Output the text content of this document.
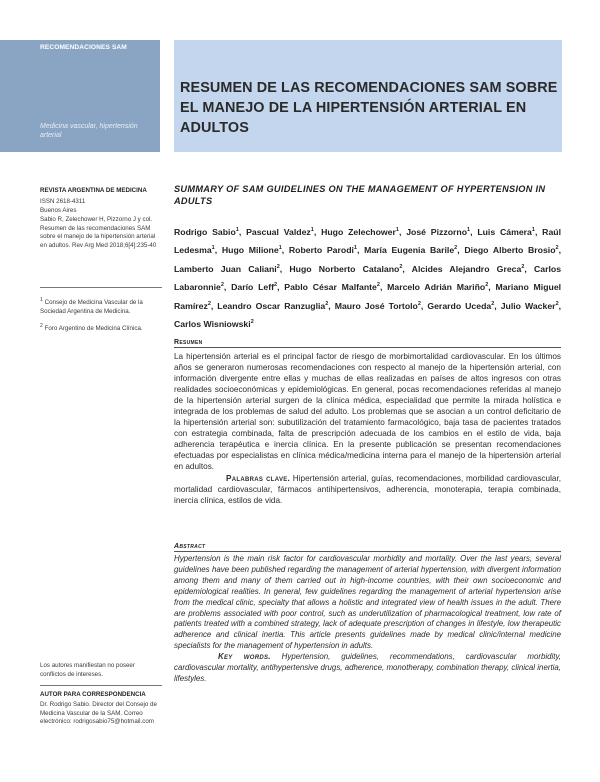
RECOMENDACIONES SAM
Medicina vascular, hipertensión arterial
RESUMEN DE LAS RECOMENDACIONES SAM SOBRE EL MANEJO DE LA HIPERTENSIÓN ARTERIAL EN ADULTOS
REVISTA ARGENTINA DE MEDICINA
ISSN 2618-4311
Buenos Aires
Sabio R, Zelechower H, Pizzorno J y col. Resumen de las recomendaciones SAM sobre el manejo de la hipertensión arterial en adultos. Rev Arg Med 2018;6[4]:235-40
$^1$ Consejo de Medicina Vascular de la Sociedad Argentina de Medicina.
$^2$ Foro Argentino de Medicina Clínica.
Los autores manifiestan no poseer conflictos de intereses.
AUTOR PARA CORRESPONDENCIA
Dr. Rodrigo Sabio. Director del Consejo de Medicina Vascular de la SAM. Correo electrónico: rodrigosabio75@hotmail.com
SUMMARY OF SAM GUIDELINES ON THE MANAGEMENT OF HYPERTENSION IN ADULTS
Rodrigo Sabio$^1$, Pascual Valdez$^1$, Hugo Zelechower$^1$, José Pizzorno$^1$, Luis Cámera$^1$, Raúl Ledesma$^1$, Hugo Milione$^1$, Roberto Parodi$^1$, María Eugenia Barile$^2$, Diego Alberto Brosio$^2$, Lamberto Juan Caliani$^2$, Hugo Norberto Catalano$^2$, Alcides Alejandro Greca$^2$, Carlos Labaronnie$^2$, Darío Leff$^2$, Pablo César Malfante$^2$, Marcelo Adrián Mariño$^2$, Mariano Miguel Ramírez$^2$, Leandro Oscar Ranzuglia$^2$, Mauro José Tortolo$^2$, Gerardo Uceda$^2$, Julio Wacker$^2$, Carlos Wisniowski$^2$
Resumen

La hipertensión arterial es el principal factor de riesgo de morbimortalidad cardiovascular. En los últimos años se generaron numerosas recomendaciones con respecto al manejo de la hipertensión arterial, con información divergente entre ellas y muchas de ellas realizadas en países de altos ingresos con otras realidades socioeconómicas y epidemiológicas. En general, pocas recomendaciones referidas al manejo de la hipertensión arterial surgen de la clínica médica, especialidad que permite la mirada holística e integrada de los problemas de salud del adulto. Los problemas que se asocian a un control deficitario de la hipertensión arterial son: subutilización del tratamiento farmacológico, baja tasa de pacientes tratados con estrategia combinada, falta de prescripción adecuada de los cambios en el estilo de vida, baja adherencia terapéutica e inercia clínica. En la presente publicación se presentan recomendaciones efectuadas por especialistas en clínica médica/medicina interna para el manejo de la hipertensión arterial en adultos.

Palabras clave. Hipertensión arterial, guías, recomendaciones, morbilidad cardiovascular, mortalidad cardiovascular, fármacos antihipertensivos, adherencia, monoterapia, terapia combinada, inercia clínica, estilos de vida.

Abstract

Hypertension is the main risk factor for cardiovascular morbidity and mortality. Over the last years, several guidelines have been published regarding the management of arterial hypertension, with divergent information among them and many of them carried out in high-income countries, with their own socioeconomic and epidemiological realities. In general, few guidelines regarding the management of arterial hypertension arise from the medical clinic, specialty that allows a holistic and integrated view of health issues in the adult. There are problems associated with poor control, such as underutilization of pharmacological treatment, low rate of patients treated with a combined strategy, lack of adequate prescription of changes in lifestyle, low therapeutic adherence and clinical inertia. This article presents guidelines made by medical clinic/internal medicine specialists for the management of hypertension in adults.

Key words. Hypertension, guidelines, recommendations, cardiovascular morbidity, cardiovascular mortality, antihypertensive drugs, adherence, monotherapy, combination therapy, clinical inertia, lifestyles.
